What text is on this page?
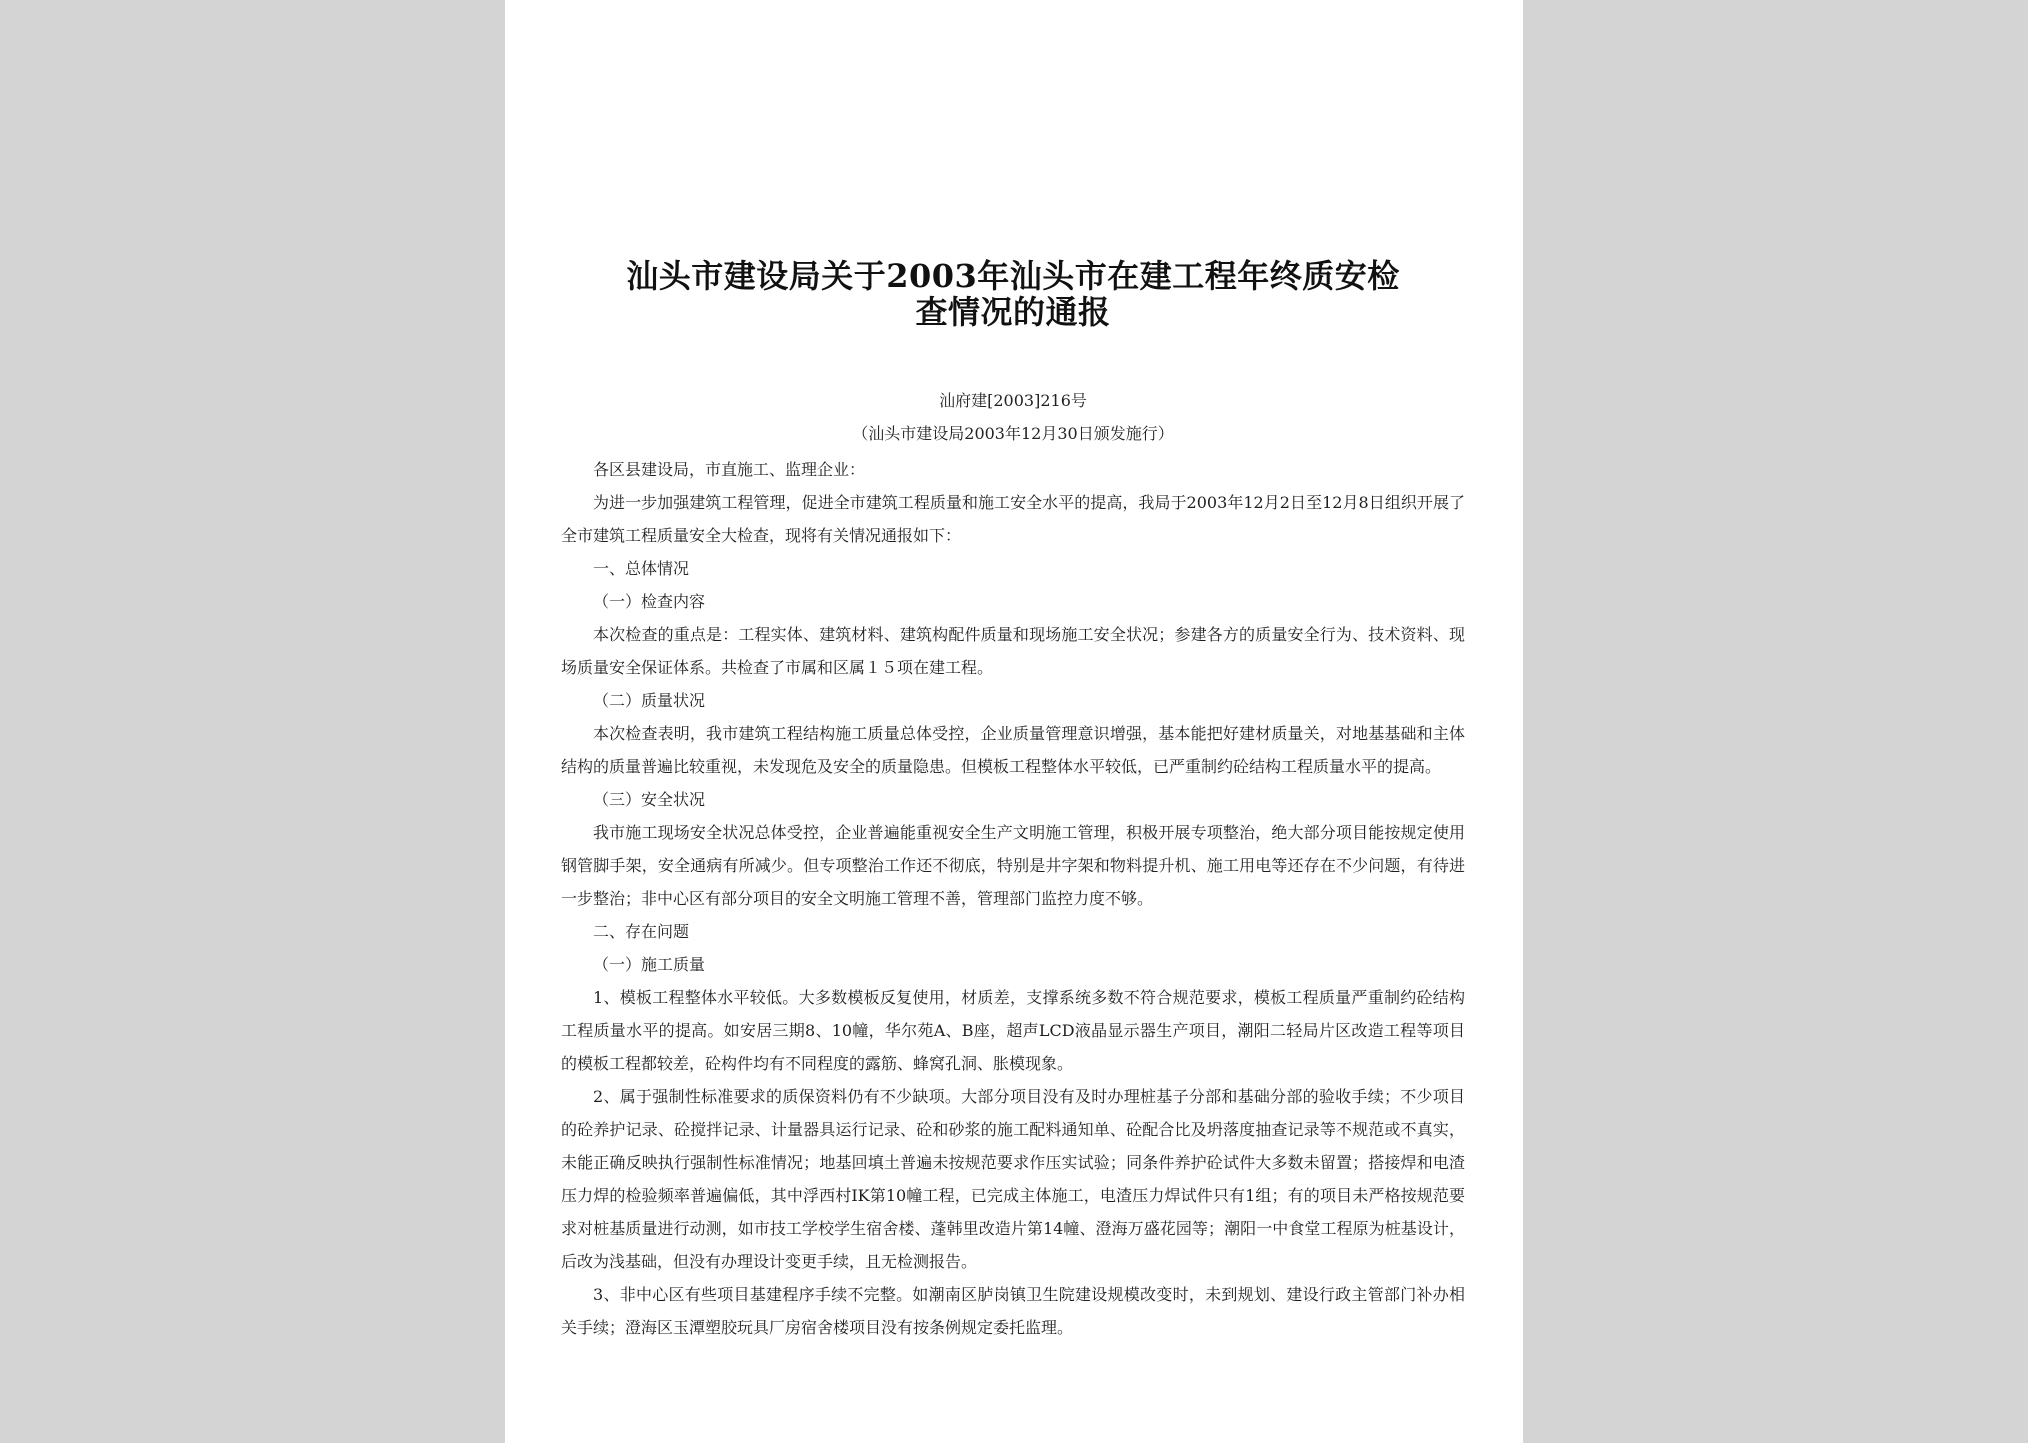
汕头市建设局关于2003年汕头市在建工程年终质安检
查情况的通报

汕府建[2003]216号

（汕头市建设局2003年12月30日颁发施行）

各区县建设局，市直施工、监理企业：

为进一步加强建筑工程管理，促进全市建筑工程质量和施工安全水平的提高，我局于2003年12月2日至12月8日组织开展了全市建筑工程质量安全大检查，现将有关情况通报如下：

一、总体情况

（一）检查内容

本次检查的重点是：工程实体、建筑材料、建筑构配件质量和现场施工安全状况；参建各方的质量安全行为、技术资料、现场质量安全保证体系。共检查了市属和区属１５项在建工程。

（二）质量状况

本次检查表明，我市建筑工程结构施工质量总体受控，企业质量管理意识增强，基本能把好建材质量关，对地基基础和主体结构的质量普遍比较重视，未发现危及安全的质量隐患。但模板工程整体水平较低，已严重制约砼结构工程质量水平的提高。

（三）安全状况

我市施工现场安全状况总体受控，企业普遍能重视安全生产文明施工管理，积极开展专项整治，绝大部分项目能按规定使用钢管脚手架，安全通病有所减少。但专项整治工作还不彻底，特别是井字架和物料提升机、施工用电等还存在不少问题，有待进一步整治；非中心区有部分项目的安全文明施工管理不善，管理部门监控力度不够。

二、存在问题

（一）施工质量

1、模板工程整体水平较低。大多数模板反复使用，材质差，支撑系统多数不符合规范要求，模板工程质量严重制约砼结构工程质量水平的提高。如安居三期8、10幢，华尔苑A、B座，超声LCD液晶显示器生产项目，潮阳二轻局片区改造工程等项目的模板工程都较差，砼构件均有不同程度的露筋、蜂窝孔洞、胀模现象。

2、属于强制性标准要求的质保资料仍有不少缺项。大部分项目没有及时办理桩基子分部和基础分部的验收手续；不少项目的砼养护记录、砼搅拌记录、计量器具运行记录、砼和砂浆的施工配料通知单、砼配合比及坍落度抽查记录等不规范或不真实，未能正确反映执行强制性标准情况；地基回填土普遍未按规范要求作压实试验；同条件养护砼试件大多数未留置；搭接焊和电渣压力焊的检验频率普遍偏低，其中浮西村IK第10幢工程，已完成主体施工，电渣压力焊试件只有1组；有的项目未严格按规范要求对桩基质量进行动测，如市技工学校学生宿舍楼、蓬韩里改造片第14幢、澄海万盛花园等；潮阳一中食堂工程原为桩基设计，后改为浅基础，但没有办理设计变更手续，且无检测报告。

3、非中心区有些项目基建程序手续不完整。如潮南区胪岗镇卫生院建设规模改变时，未到规划、建设行政主管部门补办相关手续；澄海区玉潭塑胶玩具厂房宿舍楼项目没有按条例规定委托监理。
